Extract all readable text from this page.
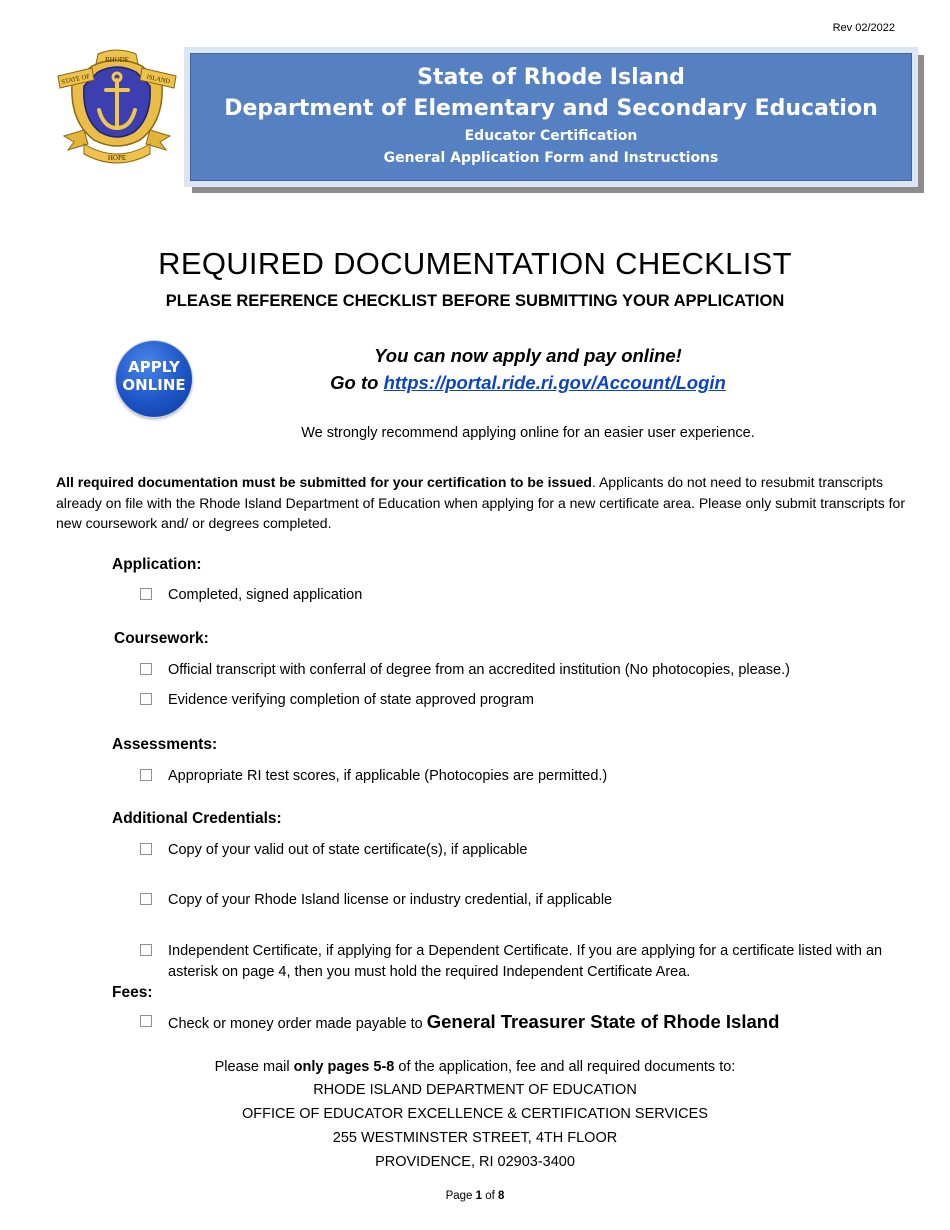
Rev 02/2022
RHODE
STATE OF	ISLAND
HOPE
State of Rhode Island
Department of Elementary and Secondary Education
Educator Certification
General Application Form and Instructions
REQUIRED DOCUMENTATION CHECKLIST
PLEASE REFERENCE CHECKLIST BEFORE SUBMITTING YOUR APPLICATION
APPLY
ONLINE
You can now apply and pay online!
Go to https://portal.ride.ri.gov/Account/Login
We strongly recommend applying online for an easier user experience.
All required documentation must be submitted for your certification to be issued. Applicants do not need to resubmit transcripts already on file with the Rhode Island Department of Education when applying for a new certificate area. Please only submit transcripts for new coursework and/ or degrees completed.
Application:
Completed, signed application
Coursework:
Official transcript with conferral of degree from an accredited institution (No photocopies, please.)
Evidence verifying completion of state approved program
Assessments:
Appropriate RI test scores, if applicable (Photocopies are permitted.)
Additional Credentials:
Copy of your valid out of state certificate(s), if applicable
Copy of your Rhode Island license or industry credential, if applicable
Independent Certificate, if applying for a Dependent Certificate. If you are applying for a certificate listed with an asterisk on page 4, then you must hold the required Independent Certificate Area.
Fees:
Check or money order made payable to General Treasurer State of Rhode Island
Please mail only pages 5-8 of the application, fee and all required documents to:
RHODE ISLAND DEPARTMENT OF EDUCATION
OFFICE OF EDUCATOR EXCELLENCE & CERTIFICATION SERVICES
255 WESTMINSTER STREET, 4TH FLOOR
PROVIDENCE, RI 02903-3400
Page 1 of 8
